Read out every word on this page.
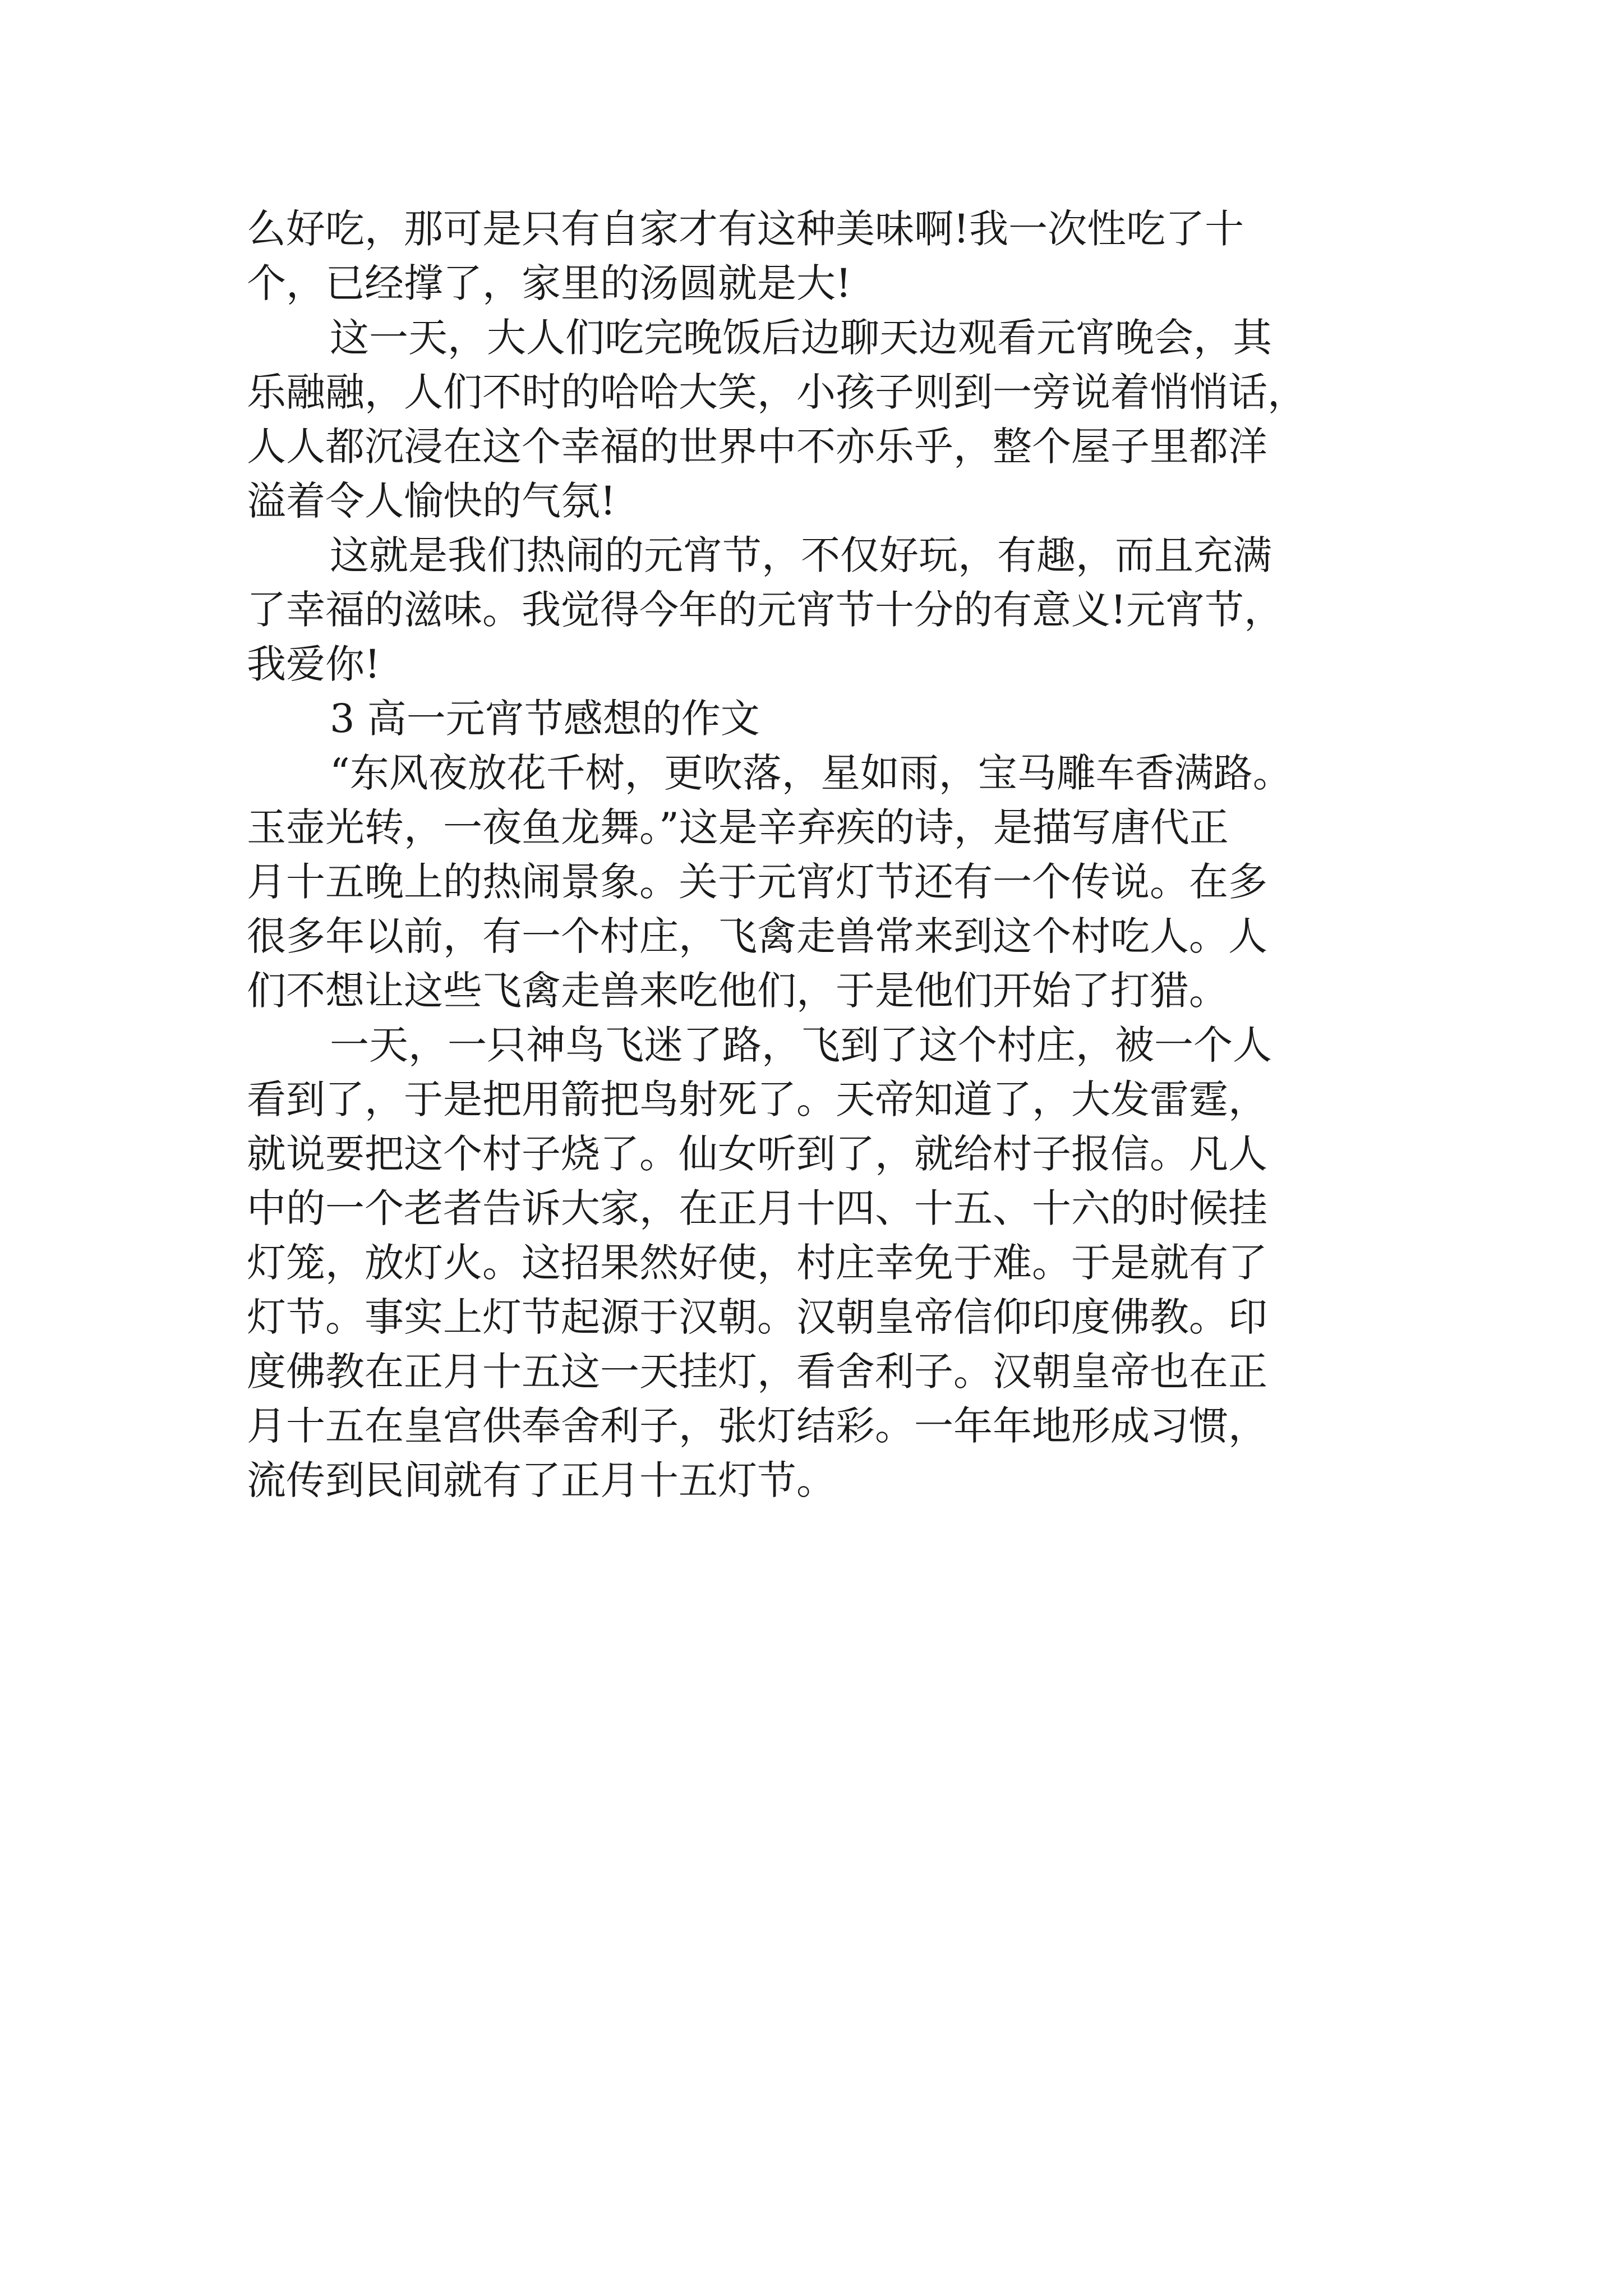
么好吃，那可是只有自家才有这种美味啊!我一次性吃了十
个，已经撑了，家里的汤圆就是大!

这一天，大人们吃完晚饭后边聊天边观看元宵晚会，其
乐融融，人们不时的哈哈大笑，小孩子则到一旁说着悄悄话，
人人都沉浸在这个幸福的世界中不亦乐乎，整个屋子里都洋
溢着令人愉快的气氛!

这就是我们热闹的元宵节，不仅好玩，有趣，而且充满
了幸福的滋味。我觉得今年的元宵节十分的有意义!元宵节，
我爱你!

3 高一元宵节感想的作文

“东风夜放花千树，更吹落，星如雨，宝马雕车香满路。
玉壶光转，一夜鱼龙舞。”这是辛弃疾的诗，是描写唐代正
月十五晚上的热闹景象。关于元宵灯节还有一个传说。在多
很多年以前，有一个村庄，飞禽走兽常来到这个村吃人。人
们不想让这些飞禽走兽来吃他们，于是他们开始了打猎。

一天，一只神鸟飞迷了路，飞到了这个村庄，被一个人
看到了，于是把用箭把鸟射死了。天帝知道了，大发雷霆，
就说要把这个村子烧了。仙女听到了，就给村子报信。凡人
中的一个老者告诉大家，在正月十四、十五、十六的时候挂
灯笼，放灯火。这招果然好使，村庄幸免于难。于是就有了
灯节。事实上灯节起源于汉朝。汉朝皇帝信仰印度佛教。印
度佛教在正月十五这一天挂灯，看舍利子。汉朝皇帝也在正
月十五在皇宫供奉舍利子，张灯结彩。一年年地形成习惯，
流传到民间就有了正月十五灯节。
